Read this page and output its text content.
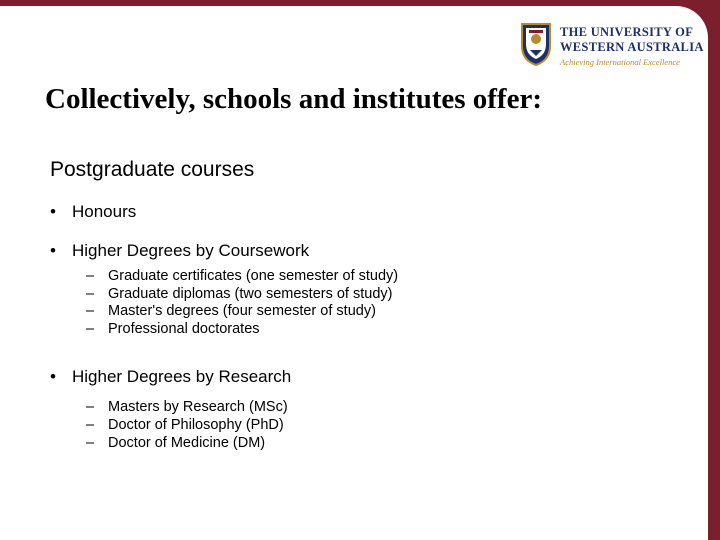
THE UNIVERSITY OF
WESTERN AUSTRALIA
Achieving International Excellence
Collectively, schools and institutes offer:
Postgraduate courses
• Honours
• Higher Degrees by Coursework
– Graduate certificates (one semester of study)
– Graduate diplomas (two semesters of study)
– Master's degrees (four semester of study)
– Professional doctorates
• Higher Degrees by Research
– Masters by Research (MSc)
– Doctor of Philosophy (PhD)
– Doctor of Medicine (DM)
